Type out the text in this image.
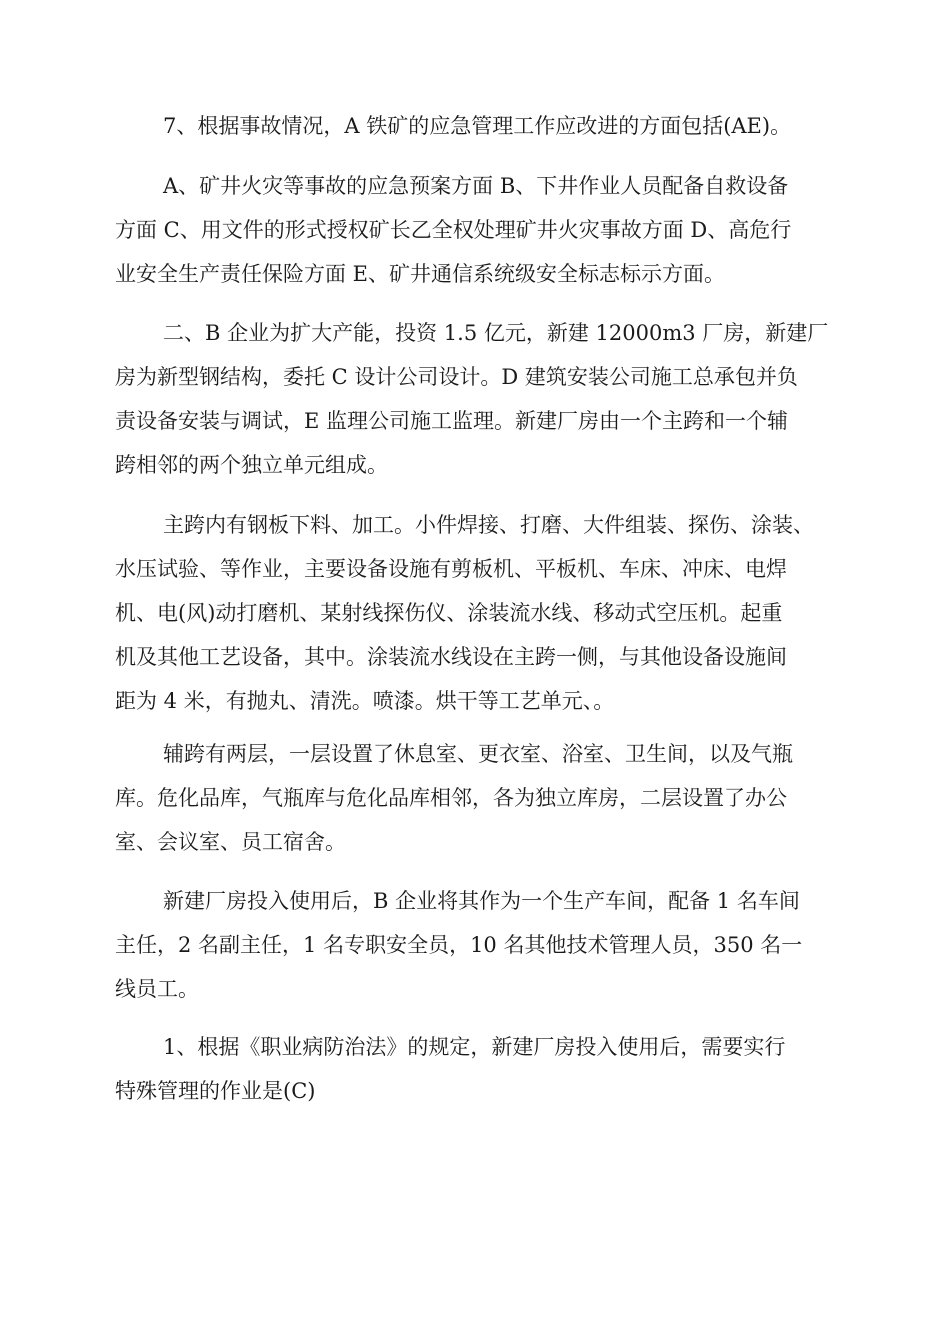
7、根据事故情况，A 铁矿的应急管理工作应改进的方面包括(AE)。

A、矿井火灾等事故的应急预案方面 B、下井作业人员配备自救设备
方面 C、用文件的形式授权矿长乙全权处理矿井火灾事故方面 D、高危行
业安全生产责任保险方面 E、矿井通信系统级安全标志标示方面。

二、B 企业为扩大产能，投资 1.5 亿元，新建 12000m3 厂房，新建厂
房为新型钢结构，委托 C 设计公司设计。D 建筑安装公司施工总承包并负
责设备安装与调试，E 监理公司施工监理。新建厂房由一个主跨和一个辅
跨相邻的两个独立单元组成。

主跨内有钢板下料、加工。小件焊接、打磨、大件组装、探伤、涂装、
水压试验、等作业，主要设备设施有剪板机、平板机、车床、冲床、电焊
机、电(风)动打磨机、某射线探伤仪、涂装流水线、移动式空压机。起重
机及其他工艺设备，其中。涂装流水线设在主跨一侧，与其他设备设施间
距为 4 米，有抛丸、清洗。喷漆。烘干等工艺单元、。

辅跨有两层，一层设置了休息室、更衣室、浴室、卫生间，以及气瓶
库。危化品库，气瓶库与危化品库相邻，各为独立库房，二层设置了办公
室、会议室、员工宿舍。

新建厂房投入使用后，B 企业将其作为一个生产车间，配备 1 名车间
主任，2 名副主任，1 名专职安全员，10 名其他技术管理人员，350 名一
线员工。

1、根据《职业病防治法》的规定，新建厂房投入使用后，需要实行
特殊管理的作业是(C)
